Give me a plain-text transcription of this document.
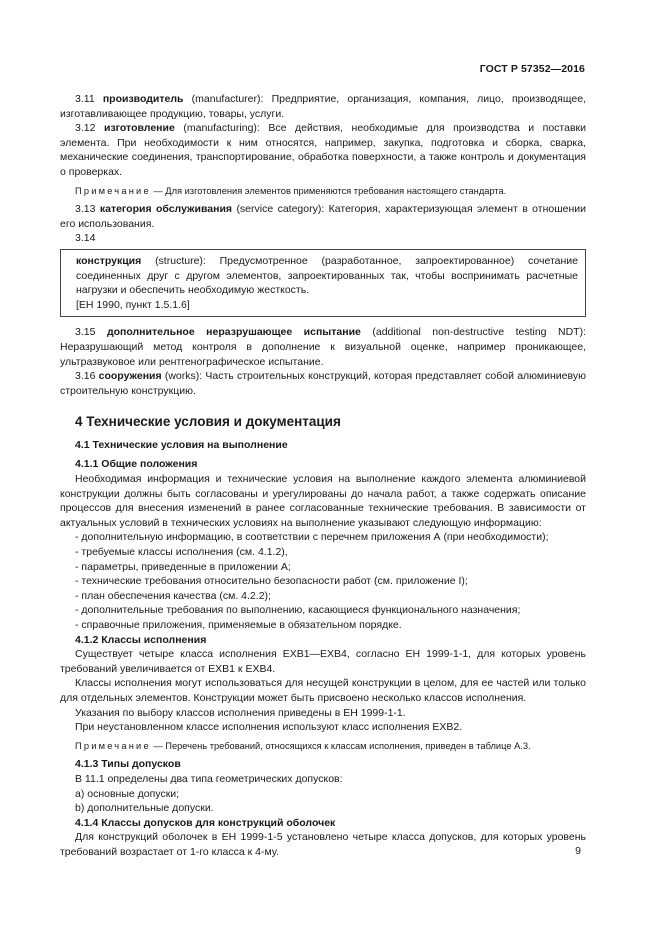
ГОСТ Р 57352—2016

3.11 производитель (manufacturer): Предприятие, организация, компания, лицо, производящее, изготавливающее продукцию, товары, услуги.

3.12 изготовление (manufacturing): Все действия, необходимые для производства и поставки элемента. При необходимости к ним относятся, например, закупка, подготовка и сборка, сварка, механические соединения, транспортирование, обработка поверхности, а также контроль и документация о проверках.

Примечание — Для изготовления элементов применяются требования настоящего стандарта.

3.13 категория обслуживания (service category): Категория, характеризующая элемент в отношении его использования.

3.14

конструкция (structure): Предусмотренное (разработанное, запроектированное) сочетание соединенных друг с другом элементов, запроектированных так, чтобы воспринимать расчетные нагрузки и обеспечить необходимую жесткость.

[ЕН 1990, пункт 1.5.1.6]

3.15 дополнительное неразрушающее испытание (additional non-destructive testing NDT): Неразрушающий метод контроля в дополнение к визуальной оценке, например проникающее, ультразвуковое или рентгенографическое испытание.

3.16 сооружения (works): Часть строительных конструкций, которая представляет собой алюминиевую строительную конструкцию.

4 Технические условия и документация
4.1 Технические условия на выполнение
4.1.1 Общие положения

Необходимая информация и технические условия на выполнение каждого элемента алюминиевой конструкции должны быть согласованы и урегулированы до начала работ, а также содержать описание процессов для внесения изменений в ранее согласованные технические требования. В зависимости от актуальных условий в технических условиях на выполнение указывают следующую информацию:

- дополнительную информацию, в соответствии с перечнем приложения А (при необходимости);

- требуемые классы исполнения (см. 4.1.2),

- параметры, приведенные в приложении А;

- технические требования относительно безопасности работ (см. приложение I);

- план обеспечения качества (см. 4.2.2);

- дополнительные требования по выполнению, касающиеся функционального назначения;

- справочные приложения, применяемые в обязательном порядке.

4.1.2 Классы исполнения

Существует четыре класса исполнения EXB1—EXB4, согласно ЕН 1999-1-1, для которых уровень требований увеличивается от EXB1 к EXB4.

Классы исполнения могут использоваться для несущей конструкции в целом, для ее частей или только для отдельных элементов. Конструкции может быть присвоено несколько классов исполнения.

Указания по выбору классов исполнения приведены в ЕН 1999-1-1.

При неустановленном классе исполнения используют класс исполнения EXB2.

Примечание — Перечень требований, относящихся к классам исполнения, приведен в таблице А.3.

4.1.3 Типы допусков

В 11.1 определены два типа геометрических допусков:

а) основные допуски;

b) дополнительные допуски.

4.1.4 Классы допусков для конструкций оболочек

Для конструкций оболочек в ЕН 1999-1-5 установлено четыре класса допусков, для которых уровень требований возрастает от 1-го класса к 4-му.	9
